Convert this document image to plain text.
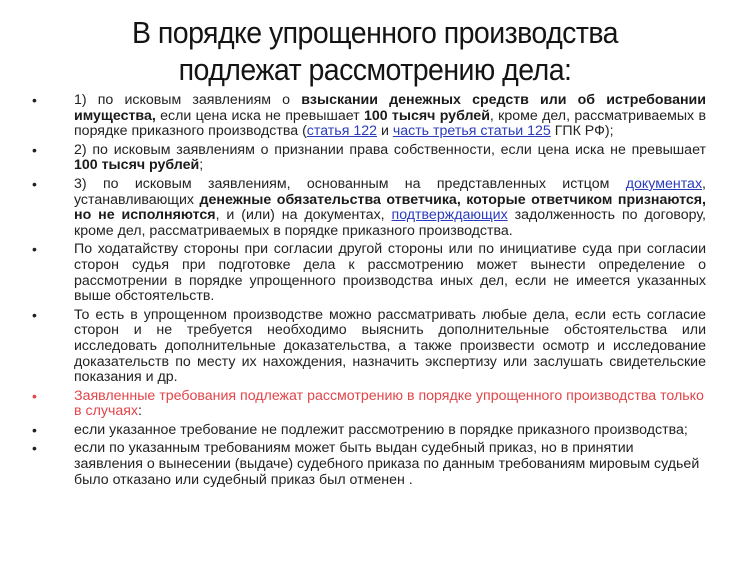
В порядке упрощенного производства
подлежат рассмотрению дела:
•	1) по исковым заявлениям о взыскании денежных средств или об истребовании имущества, если цена иска не превышает 100 тысяч рублей, кроме дел, рассматриваемых в порядке приказного производства (статья 122 и часть третья статьи 125 ГПК РФ);
•	2) по исковым заявлениям о признании права собственности, если цена иска не превышает 100 тысяч рублей;
•	3) по исковым заявлениям, основанным на представленных истцом документах, устанавливающих денежные обязательства ответчика, которые ответчиком признаются, но не исполняются, и (или) на документах, подтверждающих задолженность по договору, кроме дел, рассматриваемых в порядке приказного производства.
•	По ходатайству стороны при согласии другой стороны или по инициативе суда при согласии сторон судья при подготовке дела к рассмотрению может вынести определение о рассмотрении в порядке упрощенного производства иных дел, если не имеется указанных выше обстоятельств.
•	То есть в упрощенном производстве можно рассматривать любые дела, если есть согласие сторон и не требуется необходимо выяснить дополнительные обстоятельства или исследовать дополнительные доказательства, а также произвести осмотр и исследование доказательств по месту их нахождения, назначить экспертизу или заслушать свидетельские показания и др.
•	Заявленные требования подлежат рассмотрению в порядке упрощенного производства только в случаях:
•	если указанное требование не подлежит рассмотрению в порядке приказного производства;
•	если по указанным требованиям может быть выдан судебный приказ, но в принятии заявления о вынесении (выдаче) судебного приказа по данным требованиям мировым судьей было отказано или судебный приказ был отменен .
